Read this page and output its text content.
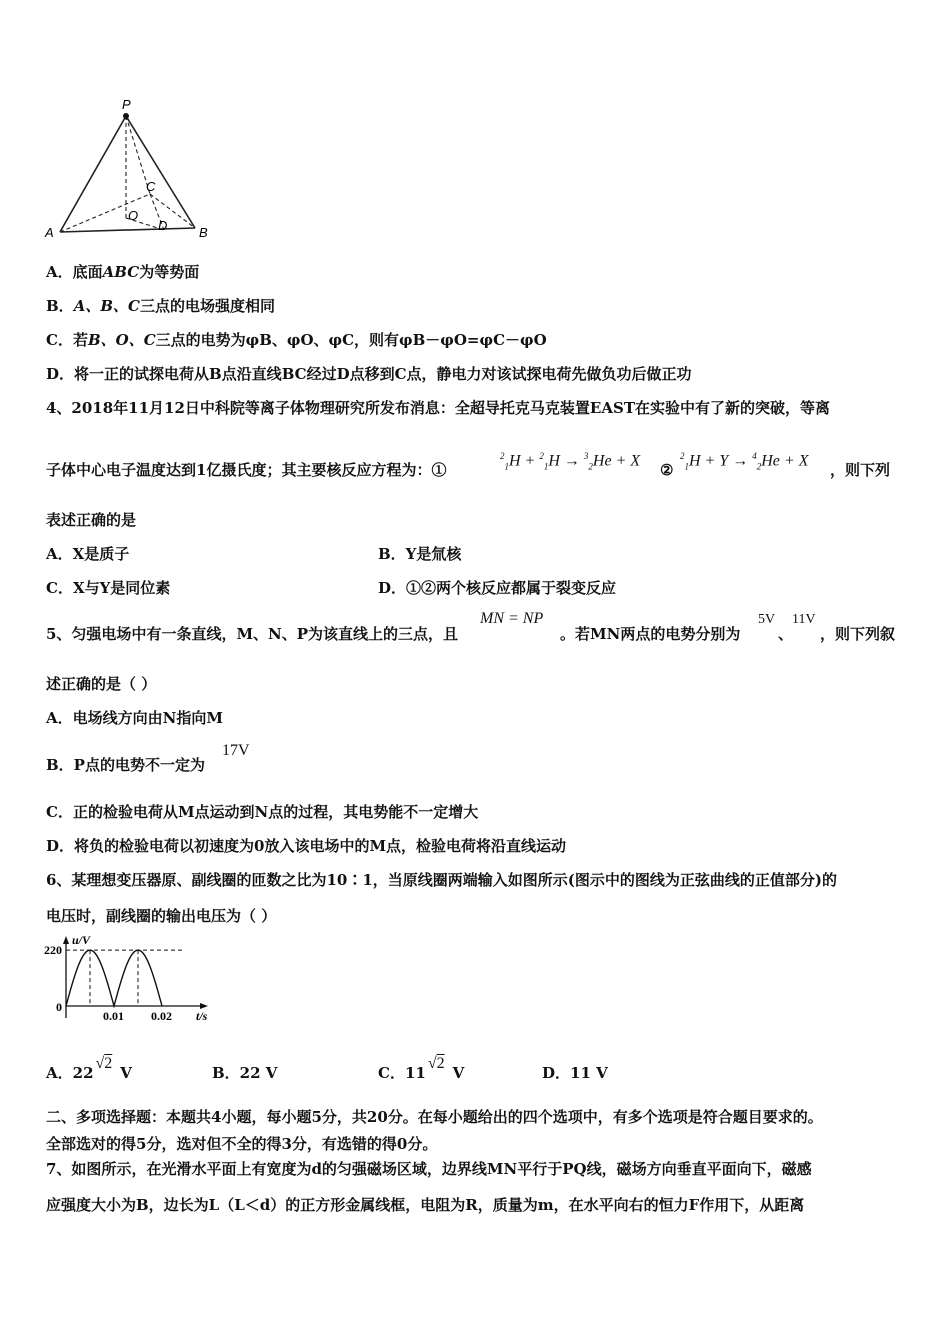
P
A	B
C
O
D
A．底面ABC为等势面
B．A、B、C三点的电场强度相同
C．若B、O、C三点的电势为φB、φO、φC，则有φB－φO=φC－φO
D．将一正的试探电荷从B点沿直线BC经过D点移到C点，静电力对该试探电荷先做负功后做正功
4、2018年11月12日中科院等离子体物理研究所发布消息：全超导托克马克装置EAST在实验中有了新的突破，等离
子体中心电子温度达到1亿摄氏度；其主要核反应方程为：①
$^2_1$H + $^2_1$H → $^3_2$He + X
②
$^2_1$H + Y → $^4_2$He + X
，则下列
表述正确的是
A．X是质子	B．Y是氚核
C．X与Y是同位素	D．①②两个核反应都属于裂变反应
5、匀强电场中有一条直线，M、N、P为该直线上的三点，且
MN = NP
。若MN两点的电势分别为
5V
、
11V
，则下列叙
述正确的是（ ）
A．电场线方向由N指向M
B．P点的电势不一定为
17V
C．正的检验电荷从M点运动到N点的过程，其电势能不一定增大
D．将负的检验电荷以初速度为0放入该电场中的M点，检验电荷将沿直线运动
6、某理想变压器原、副线圈的匝数之比为10∶1，当原线圈两端输入如图所示(图示中的图线为正弦曲线的正值部分)的
电压时，副线圈的输出电压为（ ）
220
0.01 0.02
u/V
t/s
0
A．22√2V	B．22 V	C．11√2V	D．11 V
二、多项选择题：本题共4小题，每小题5分，共20分。在每小题给出的四个选项中，有多个选项是符合题目要求的。
全部选对的得5分，选对但不全的得3分，有选错的得0分。
7、如图所示，在光滑水平面上有宽度为d的匀强磁场区域，边界线MN平行于PQ线，磁场方向垂直平面向下，磁感
应强度大小为B，边长为L（L＜d）的正方形金属线框，电阻为R，质量为m，在水平向右的恒力F作用下，从距离
